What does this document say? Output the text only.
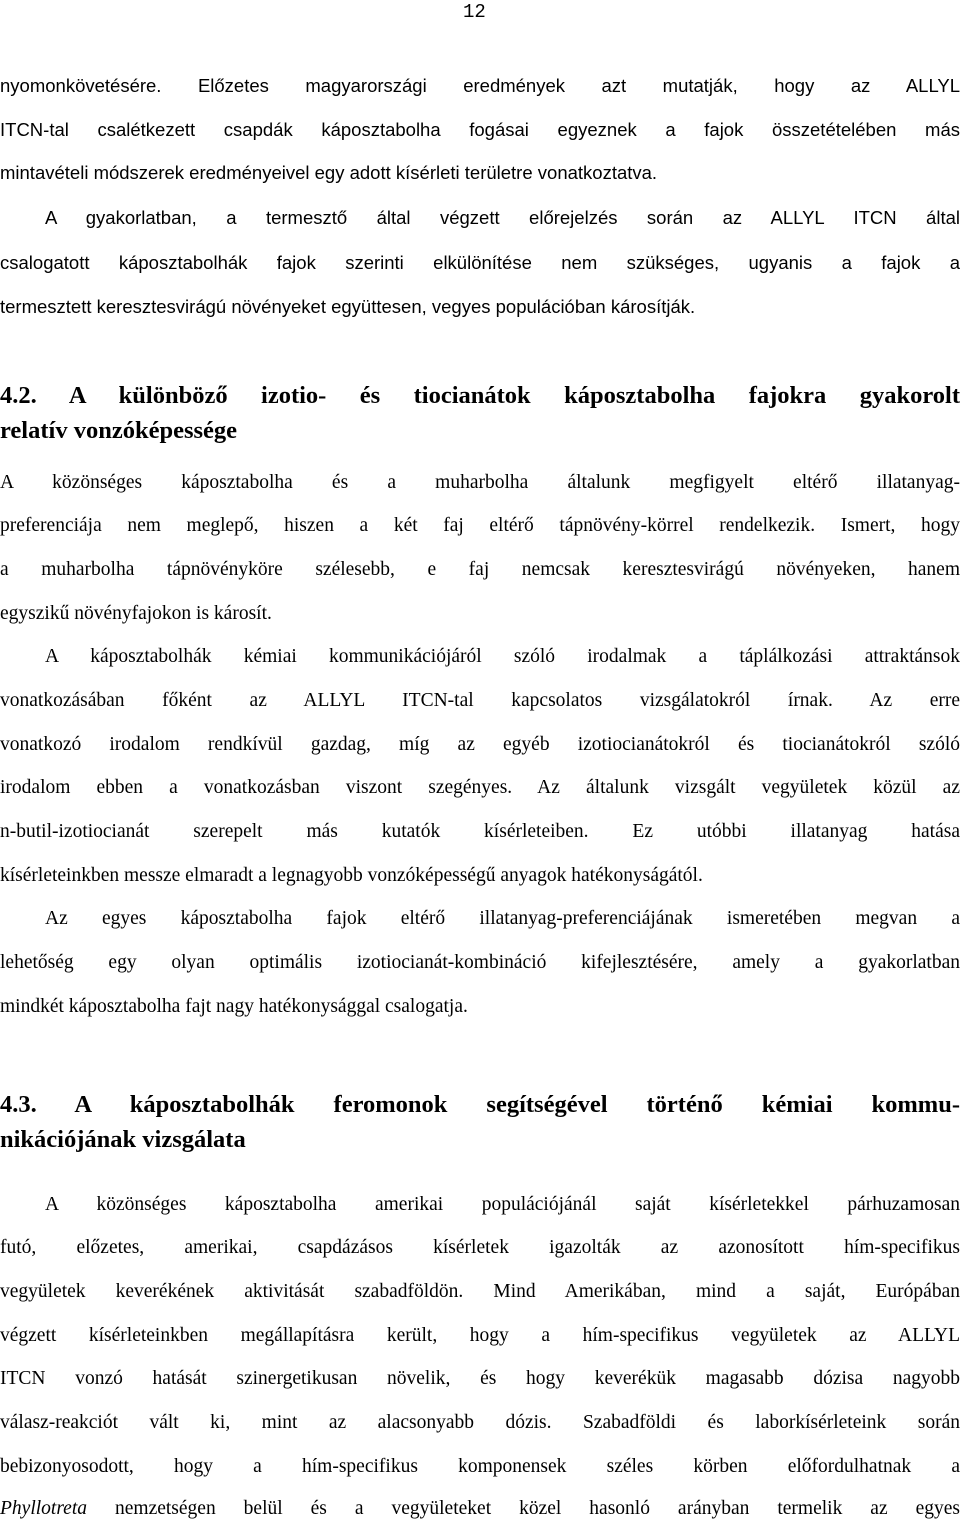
12
nyomonkövetésére. Előzetes magyarországi eredmények azt mutatják, hogy az ALLYL
ITCN-tal csalétkezett csapdák káposztabolha fogásai egyeznek a fajok összetételében más
mintavételi módszerek eredményeivel egy adott kísérleti területre vonatkoztatva.
A gyakorlatban, a termesztő által végzett előrejelzés során az ALLYL ITCN által
csalogatott káposztabolhák fajok szerinti elkülönítése nem szükséges, ugyanis a fajok a
termesztett keresztesvirágú növényeket együttesen, vegyes populációban károsítják.
4.2. A különböző izotio- és tiocianátok káposztabolha fajokra gyakorolt
relatív vonzóképessége
A közönséges káposztabolha és a muharbolha általunk megfigyelt eltérő illatanyag-
preferenciája nem meglepő, hiszen a két faj eltérő tápnövény-körrel rendelkezik. Ismert, hogy
a muharbolha tápnövényköre szélesebb, e faj nemcsak keresztesvirágú növényeken, hanem
egyszikű növényfajokon is károsít.
A káposztabolhák kémiai kommunikációjáról szóló irodalmak a táplálkozási attraktánsok
vonatkozásában főként az ALLYL ITCN-tal kapcsolatos vizsgálatokról írnak. Az erre
vonatkozó irodalom rendkívül gazdag, míg az egyéb izotiocianátokról és tiocianátokról szóló
irodalom ebben a vonatkozásban viszont szegényes. Az általunk vizsgált vegyületek közül az
n-butil-izotiocianát szerepelt más kutatók kísérleteiben. Ez utóbbi illatanyag hatása
kísérleteinkben messze elmaradt a legnagyobb vonzóképességű anyagok hatékonyságától.
Az egyes káposztabolha fajok eltérő illatanyag-preferenciájának ismeretében megvan a
lehetőség egy olyan optimális izotiocianát-kombináció kifejlesztésére, amely a gyakorlatban
mindkét káposztabolha fajt nagy hatékonysággal csalogatja.
4.3. A káposztabolhák feromonok segítségével történő kémiai kommu-
nikációjának vizsgálata
A közönséges káposztabolha amerikai populációjánál saját kísérletekkel párhuzamosan
futó, előzetes, amerikai, csapdázásos kísérletek igazolták az azonosított hím-specifikus
vegyületek keverékének aktivitását szabadföldön. Mind Amerikában, mind a saját, Európában
végzett kísérleteinkben megállapításra került, hogy a hím-specifikus vegyületek az ALLYL
ITCN vonzó hatását szinergetikusan növelik, és hogy keverékük magasabb dózisa nagyobb
válasz-reakciót vált ki, mint az alacsonyabb dózis. Szabadföldi és laborkísérleteink során
bebizonyosodott, hogy a hím-specifikus komponensek széles körben előfordulhatnak a
Phyllotreta nemzetségen belül és a vegyületeket közel hasonló arányban termelik az egyes
